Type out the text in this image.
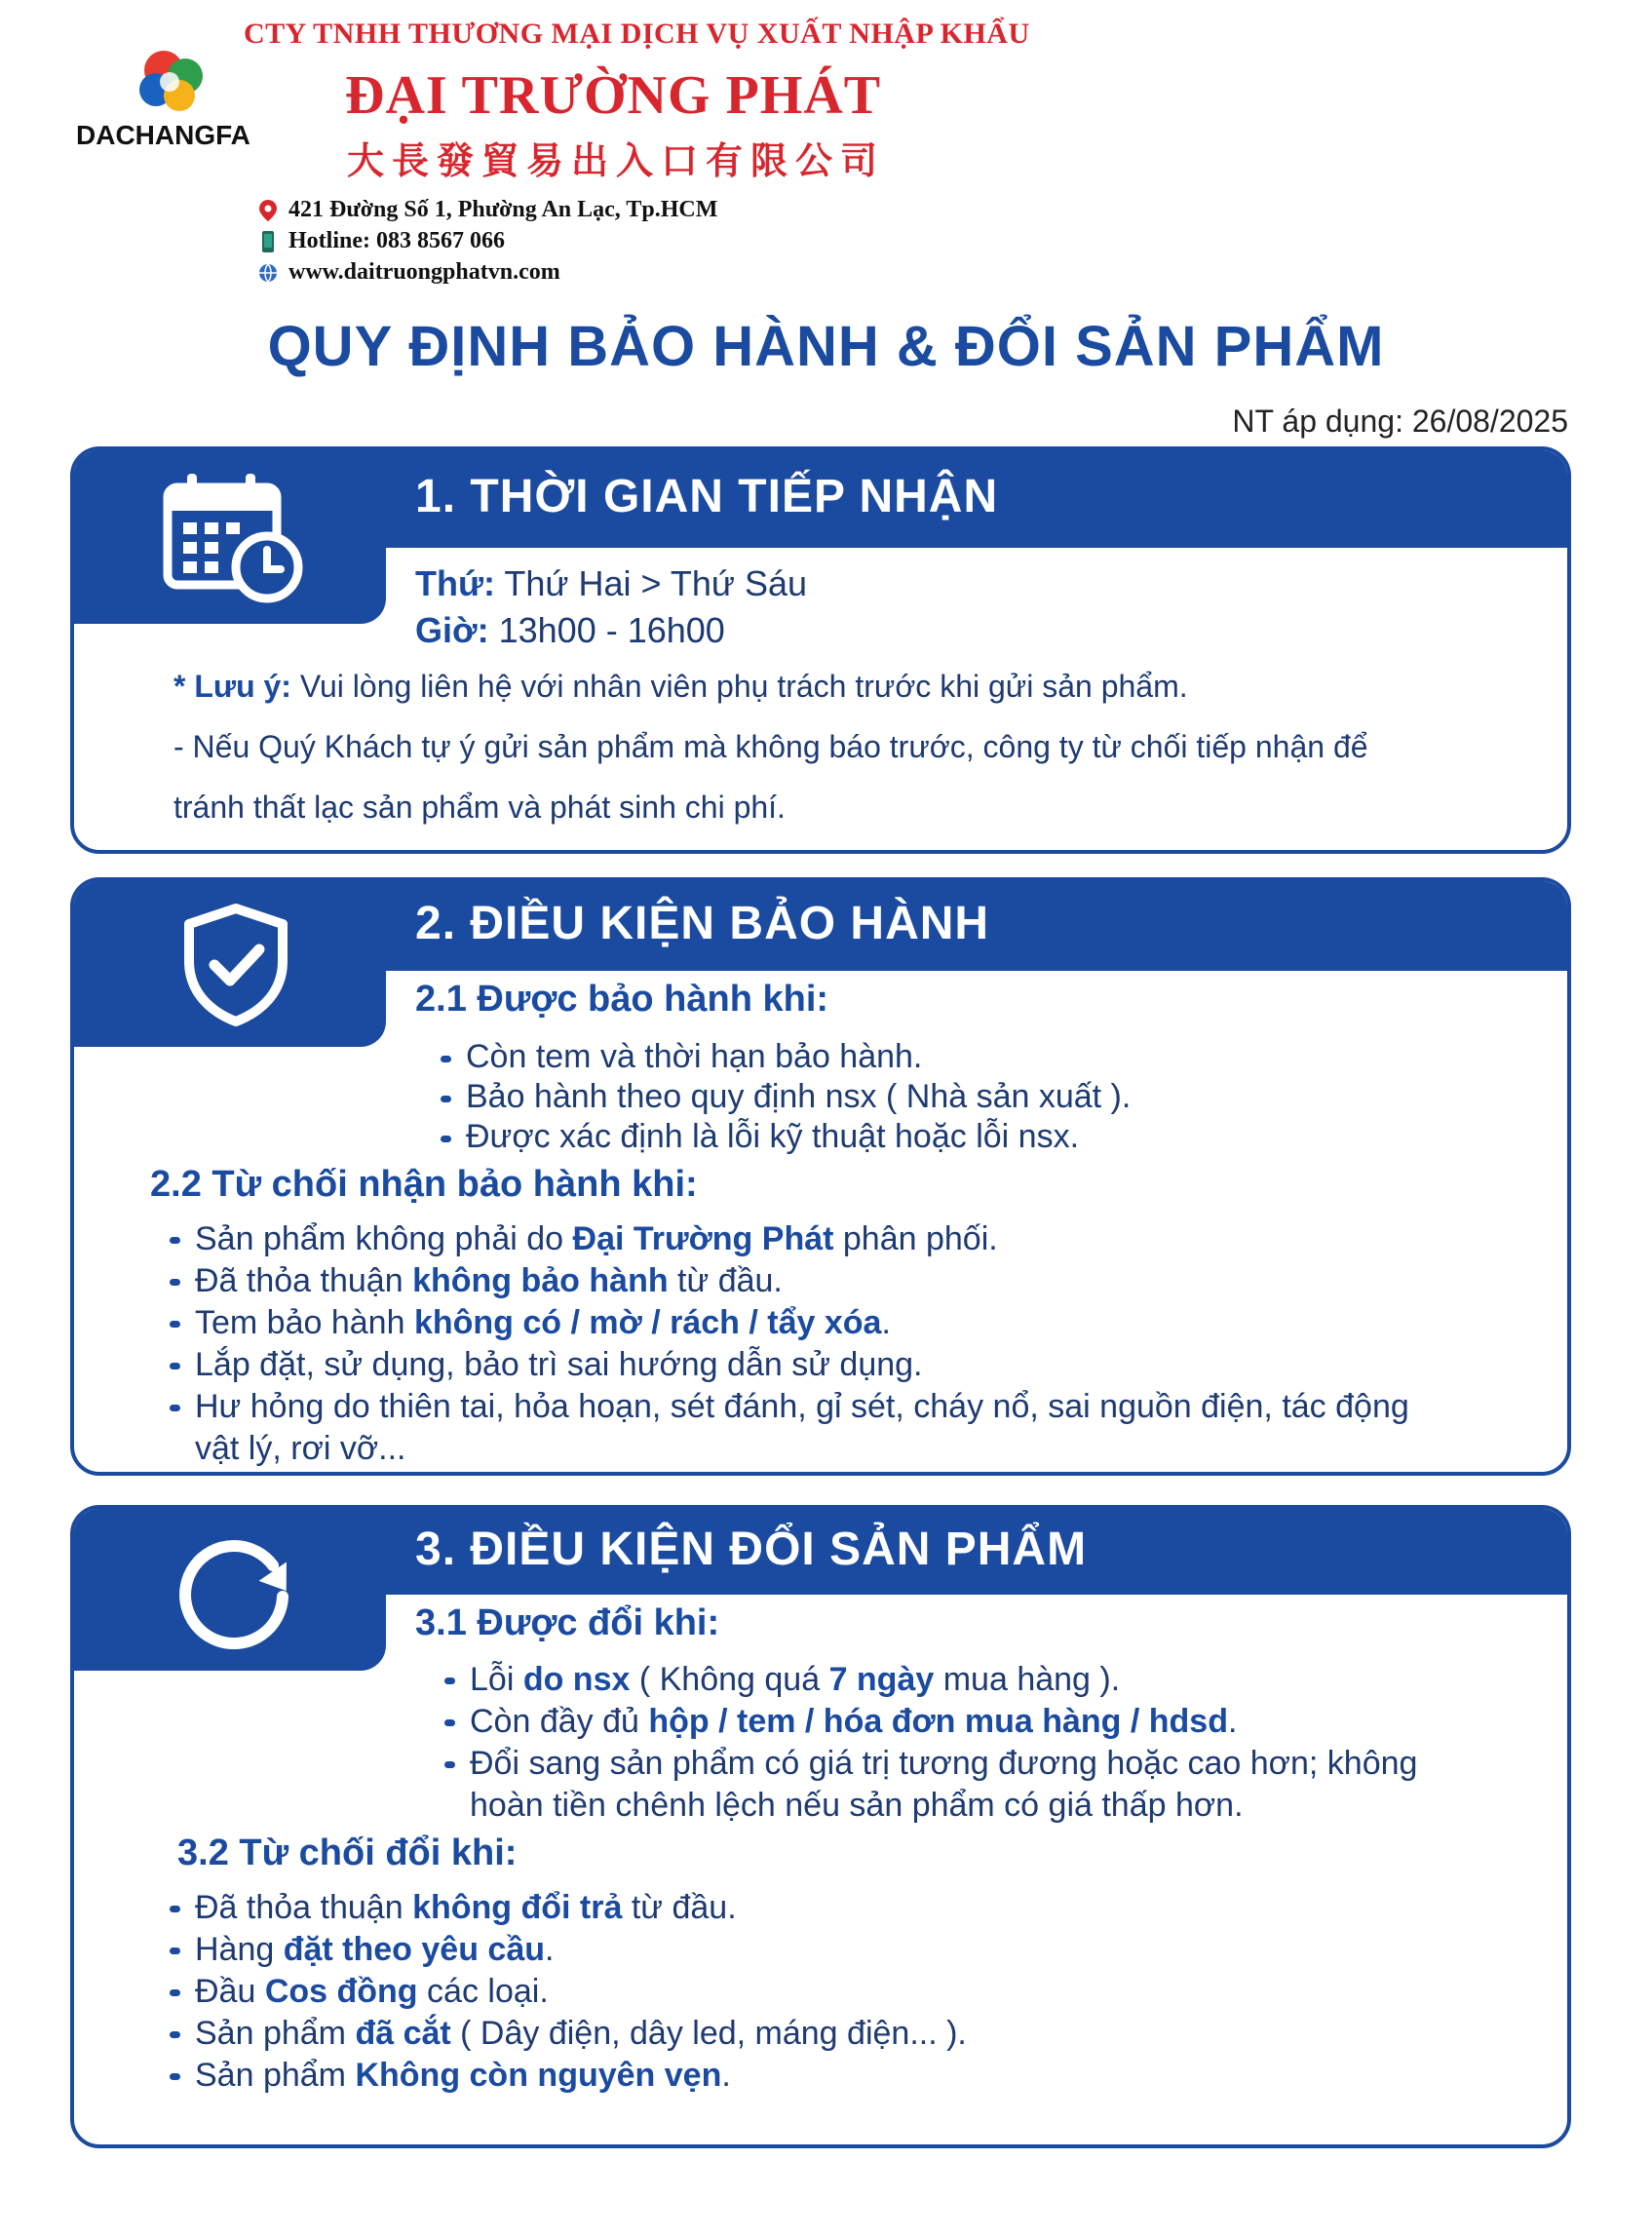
DACHANGFA
CTY TNHH THƯƠNG MẠI DỊCH VỤ XUẤT NHẬP KHẨU
ĐẠI TRƯỜNG PHÁT
大長發貿易出入口有限公司
421 Đường Số 1, Phường An Lạc, Tp.HCM
Hotline: 083 8567 066
www.daitruongphatvn.com
QUY ĐỊNH BẢO HÀNH & ĐỔI SẢN PHẨM
NT áp dụng: 26/08/2025
1. THỜI GIAN TIẾP NHẬN
Thứ: Thứ Hai > Thứ Sáu
Giờ: 13h00 - 16h00
* Lưu ý: Vui lòng liên hệ với nhân viên phụ trách trước khi gửi sản phẩm.
- Nếu Quý Khách tự ý gửi sản phẩm mà không báo trước, công ty từ chối tiếp nhận để
tránh thất lạc sản phẩm và phát sinh chi phí.
2. ĐIỀU KIỆN BẢO HÀNH
2.1 Được bảo hành khi:
Còn tem và thời hạn bảo hành.
Bảo hành theo quy định nsx ( Nhà sản xuất ).
Được xác định là lỗi kỹ thuật hoặc lỗi nsx.
2.2 Từ chối nhận bảo hành khi:
Sản phẩm không phải do Đại Trường Phát phân phối.
Đã thỏa thuận không bảo hành từ đầu.
Tem bảo hành không có / mờ / rách / tẩy xóa.
Lắp đặt, sử dụng, bảo trì sai hướng dẫn sử dụng.
Hư hỏng do thiên tai, hỏa hoạn, sét đánh, gỉ sét, cháy nổ, sai nguồn điện, tác động
vật lý, rơi vỡ...
3. ĐIỀU KIỆN ĐỔI SẢN PHẨM
3.1 Được đổi khi:
Lỗi do nsx ( Không quá 7 ngày mua hàng ).
Còn đầy đủ hộp / tem / hóa đơn mua hàng / hdsd.
Đổi sang sản phẩm có giá trị tương đương hoặc cao hơn; không
hoàn tiền chênh lệch nếu sản phẩm có giá thấp hơn.
3.2 Từ chối đổi khi:
Đã thỏa thuận không đổi trả từ đầu.
Hàng đặt theo yêu cầu.
Đầu Cos đồng các loại.
Sản phẩm đã cắt ( Dây điện, dây led, máng điện... ).
Sản phẩm Không còn nguyên vẹn.
